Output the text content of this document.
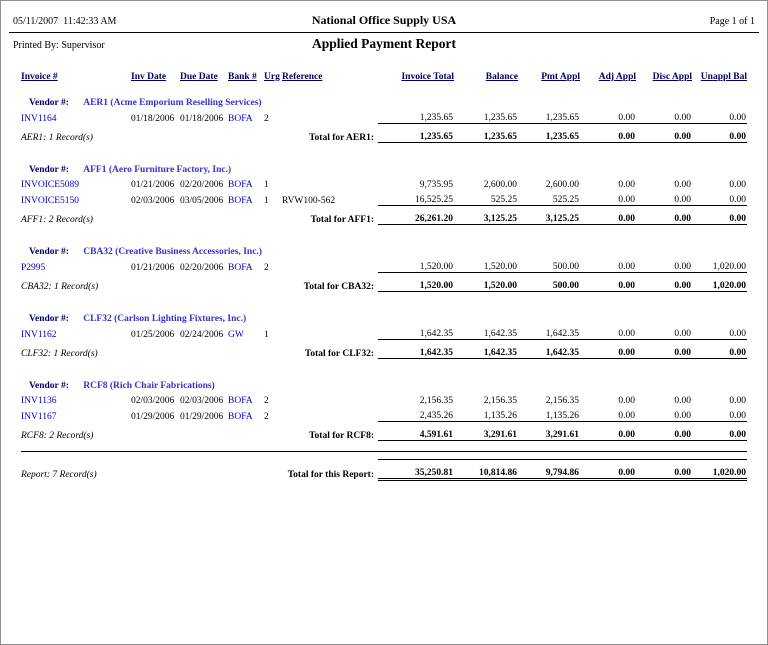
05/11/2007  11:42:33 AM	National Office Supply USA	Page 1 of 1
Printed By: Supervisor	Applied Payment Report
Invoice #	Inv Date	Due Date	Bank #	Urg	Reference	Invoice Total	Balance	Pmt Appl	Adj Appl	Disc Appl	Unappl Bal
Vendor #: AER1 (Acme Emporium Reselling Services)											
INV1164	01/18/2006	01/18/2006	BOFA	2		1,235.65	1,235.65	1,235.65	0.00	0.00	0.00
AER1: 1 Record(s)			Total for AER1:			1,235.65	1,235.65	1,235.65	0.00	0.00	0.00

Vendor #: AFF1 (Aero Furniture Factory, Inc.)											
INVOICE5089	01/21/2006	02/20/2006	BOFA	1		9,735.95	2,600.00	2,600.00	0.00	0.00	0.00
INVOICE5150	02/03/2006	03/05/2006	BOFA	1	RVW100-562	16,525.25	525.25	525.25	0.00	0.00	0.00
AFF1: 2 Record(s)			Total for AFF1:			26,261.20	3,125.25	3,125.25	0.00	0.00	0.00

Vendor #: CBA32 (Creative Business Accessories, Inc.)											
P2995	01/21/2006	02/20/2006	BOFA	2		1,520.00	1,520.00	500.00	0.00	0.00	1,020.00
CBA32: 1 Record(s)			Total for CBA32:			1,520.00	1,520.00	500.00	0.00	0.00	1,020.00

Vendor #: CLF32 (Carlson Lighting Fixtures, Inc.)											
INV1162	01/25/2006	02/24/2006	GW	1		1,642.35	1,642.35	1,642.35	0.00	0.00	0.00
CLF32: 1 Record(s)			Total for CLF32:			1,642.35	1,642.35	1,642.35	0.00	0.00	0.00

Vendor #: RCF8 (Rich Chair Fabrications)											
INV1136	02/03/2006	02/03/2006	BOFA	2		2,156.35	2,156.35	2,156.35	0.00	0.00	0.00
INV1167	01/29/2006	01/29/2006	BOFA	2		2,435.26	1,135.26	1,135.26	0.00	0.00	0.00
RCF8: 2 Record(s)			Total for RCF8:			4,591.61	3,291.61	3,291.61	0.00	0.00	0.00

Report: 7 Record(s)			Total for this Report:			35,250.81	10,814.86	9,794.86	0.00	0.00	1,020.00
